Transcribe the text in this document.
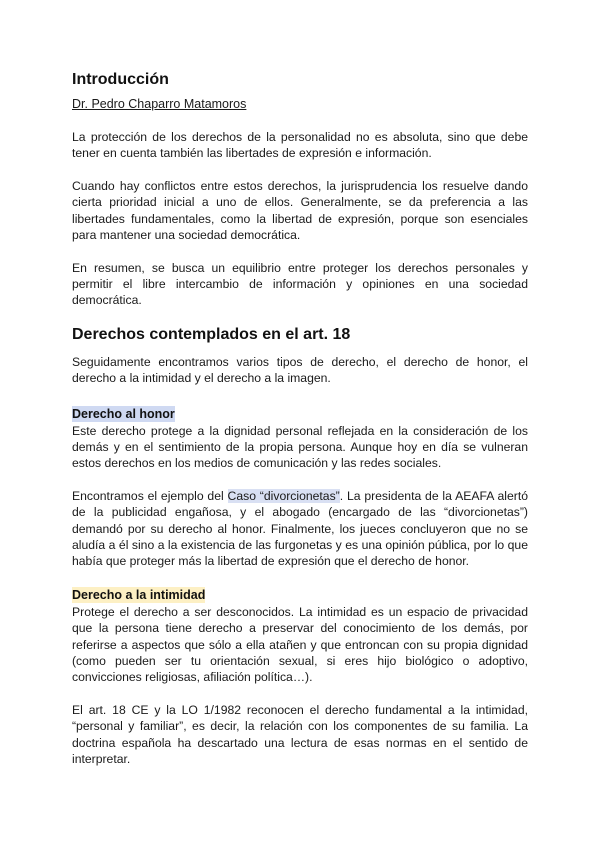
Introducción
Dr. Pedro Chaparro Matamoros

La protección de los derechos de la personalidad no es absoluta, sino que debe tener en cuenta también las libertades de expresión e información.

Cuando hay conflictos entre estos derechos, la jurisprudencia los resuelve dando cierta prioridad inicial a uno de ellos. Generalmente, se da preferencia a las libertades fundamentales, como la libertad de expresión, porque son esenciales para mantener una sociedad democrática.

En resumen, se busca un equilibrio entre proteger los derechos personales y permitir el libre intercambio de información y opiniones en una sociedad democrática.

Derechos contemplados en el art. 18

Seguidamente encontramos varios tipos de derecho, el derecho de honor, el derecho a la intimidad y el derecho a la imagen.

Derecho al honor

Este derecho protege a la dignidad personal reflejada en la consideración de los demás y en el sentimiento de la propia persona. Aunque hoy en día se vulneran estos derechos en los medios de comunicación y las redes sociales.

Encontramos el ejemplo del Caso “divorcionetas”. La presidenta de la AEAFA alertó de la publicidad engañosa, y el abogado (encargado de las “divorcionetas”) demandó por su derecho al honor. Finalmente, los jueces concluyeron que no se aludía a él sino a la existencia de las furgonetas y es una opinión pública, por lo que había que proteger más la libertad de expresión que el derecho de honor.

Derecho a la intimidad

Protege el derecho a ser desconocidos. La intimidad es un espacio de privacidad que la persona tiene derecho a preservar del conocimiento de los demás, por referirse a aspectos que sólo a ella atañen y que entroncan con su propia dignidad (como pueden ser tu orientación sexual, si eres hijo biológico o adoptivo, convicciones religiosas, afiliación política…).

El art. 18 CE y la LO 1/1982 reconocen el derecho fundamental a la intimidad, “personal y familiar”, es decir, la relación con los componentes de su familia. La doctrina española ha descartado una lectura de esas normas en el sentido de interpretar.
